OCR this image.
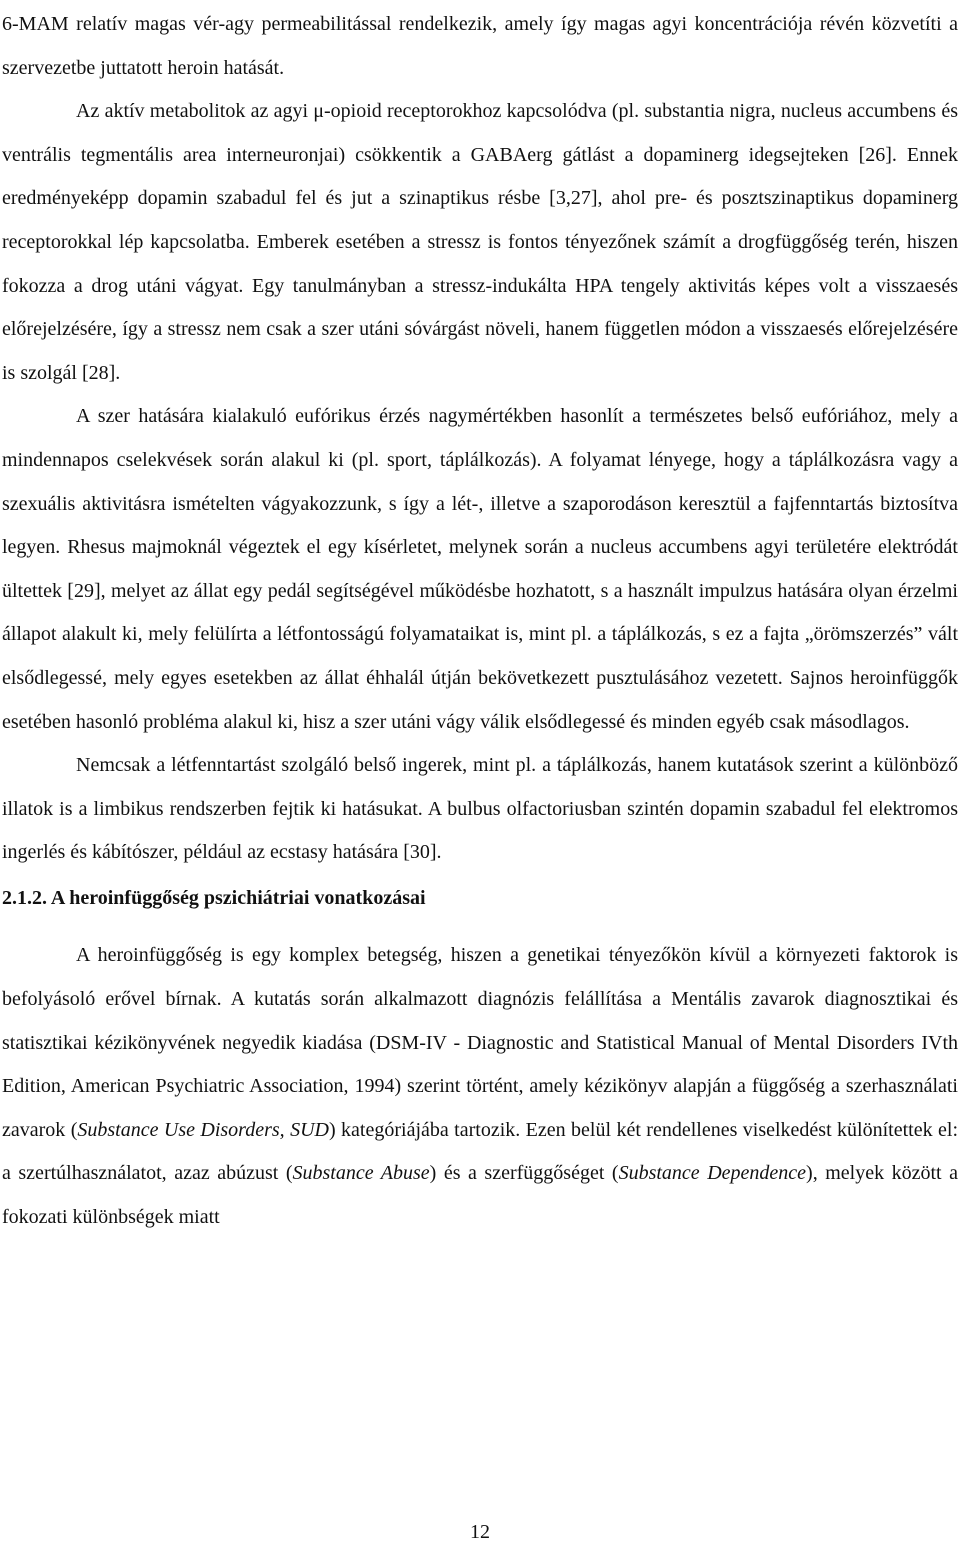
6-MAM relatív magas vér-agy permeabilitással rendelkezik, amely így magas agyi koncentrációja révén közvetíti a szervezetbe juttatott heroin hatását.

Az aktív metabolitok az agyi μ-opioid receptorokhoz kapcsolódva (pl. substantia nigra, nucleus accumbens és ventrális tegmentális area interneuronjai) csökkentik a GABAerg gátlást a dopaminerg idegsejteken [26]. Ennek eredményeképp dopamin szabadul fel és jut a szinaptikus résbe [3,27], ahol pre- és posztszinaptikus dopaminerg receptorokkal lép kapcsolatba. Emberek esetében a stressz is fontos tényezőnek számít a drogfüggőség terén, hiszen fokozza a drog utáni vágyat. Egy tanulmányban a stressz-indukálta HPA tengely aktivitás képes volt a visszaesés előrejelzésére, így a stressz nem csak a szer utáni sóvárgást növeli, hanem független módon a visszaesés előrejelzésére is szolgál [28].

A szer hatására kialakuló eufórikus érzés nagymértékben hasonlít a természetes belső eufóriához, mely a mindennapos cselekvések során alakul ki (pl. sport, táplálkozás). A folyamat lényege, hogy a táplálkozásra vagy a szexuális aktivitásra ismételten vágyakozzunk, s így a lét-, illetve a szaporodáson keresztül a fajfenntartás biztosítva legyen. Rhesus majmoknál végeztek el egy kísérletet, melynek során a nucleus accumbens agyi területére elektródát ültettek [29], melyet az állat egy pedál segítségével működésbe hozhatott, s a használt impulzus hatására olyan érzelmi állapot alakult ki, mely felülírta a létfontosságú folyamataikat is, mint pl. a táplálkozás, s ez a fajta „örömszerzés” vált elsődlegessé, mely egyes esetekben az állat éhhalál útján bekövetkezett pusztulásához vezetett. Sajnos heroinfüggők esetében hasonló probléma alakul ki, hisz a szer utáni vágy válik elsődlegessé és minden egyéb csak másodlagos.

Nemcsak a létfenntartást szolgáló belső ingerek, mint pl. a táplálkozás, hanem kutatások szerint a különböző illatok is a limbikus rendszerben fejtik ki hatásukat. A bulbus olfactoriusban szintén dopamin szabadul fel elektromos ingerlés és kábítószer, például az ecstasy hatására [30].

2.1.2. A heroinfüggőség pszichiátriai vonatkozásai

A heroinfüggőség is egy komplex betegség, hiszen a genetikai tényezőkön kívül a környezeti faktorok is befolyásoló erővel bírnak. A kutatás során alkalmazott diagnózis felállítása a Mentális zavarok diagnosztikai és statisztikai kézikönyvének negyedik kiadása (DSM-IV - Diagnostic and Statistical Manual of Mental Disorders IVth Edition, American Psychiatric Association, 1994) szerint történt, amely kézikönyv alapján a függőség a szerhasználati zavarok (Substance Use Disorders, SUD) kategóriájába tartozik. Ezen belül két rendellenes viselkedést különítettek el: a szertúlhasználatot, azaz abúzust (Substance Abuse) és a szerfüggőséget (Substance Dependence), melyek között a fokozati különbségek miatt

12
